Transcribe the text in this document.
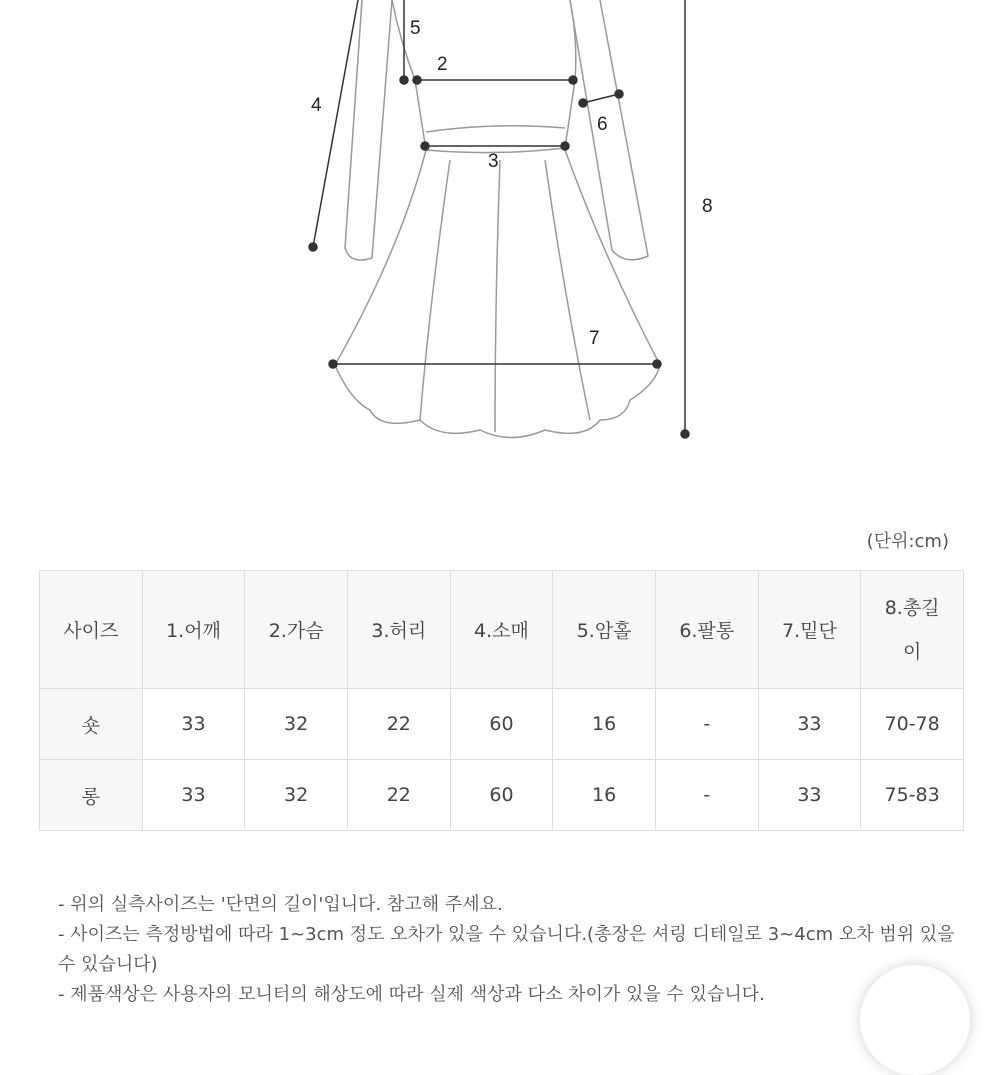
4
5
2
6
3
8
7
(단위:cm)
사이즈	1.어깨	2.가슴	3.허리	4.소매	5.암홀	6.팔통	7.밑단	8.총길이
숏	33	32	22	60	16	-	33	70-78
롱	33	32	22	60	16	-	33	75-83

- 위의 실측사이즈는 '단면의 길이'입니다. 참고해 주세요.

- 사이즈는 측정방법에 따라 1~3cm 정도 오차가 있을 수 있습니다.(총장은 셔링 디테일로 3~4cm 오차 범위 있을 수 있습니다)

- 제품색상은 사용자의 모니터의 해상도에 따라 실제 색상과 다소 차이가 있을 수 있습니다.
